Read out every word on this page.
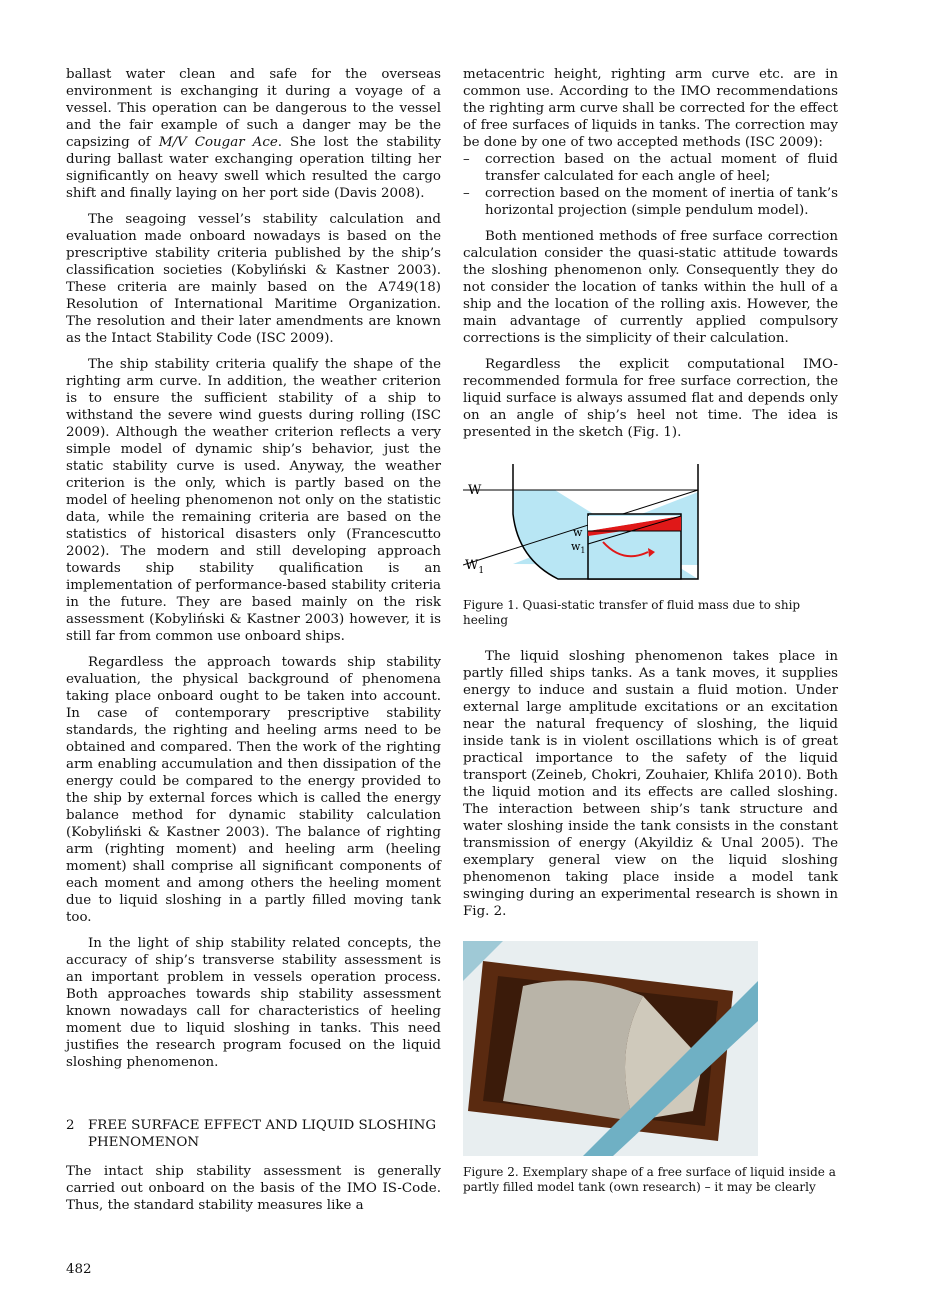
ballast water clean and safe for the overseas environment is exchanging it during a voyage of a vessel. This operation can be dangerous to the vessel and the fair example of such a danger may be the capsizing of M/V Cougar Ace. She lost the stability during ballast water exchanging operation tilting her significantly on heavy swell which resulted the cargo shift and finally laying on her port side (Davis 2008).

The seagoing vessel’s stability calculation and evaluation made onboard nowadays is based on the prescriptive stability criteria published by the ship’s classification societies (Kobyliński & Kastner 2003). These criteria are mainly based on the A749(18) Resolution of International Maritime Organization. The resolution and their later amendments are known as the Intact Stability Code (ISC 2009).

The ship stability criteria qualify the shape of the righting arm curve. In addition, the weather criterion is to ensure the sufficient stability of a ship to withstand the severe wind guests during rolling (ISC 2009). Although the weather criterion reflects a very simple model of dynamic ship’s behavior, just the static stability curve is used. Anyway, the weather criterion is the only, which is partly based on the model of heeling phenomenon not only on the statistic data, while the remaining criteria are based on the statistics of historical disasters only (Francescutto 2002). The modern and still developing approach towards ship stability qualification is an implementation of performance-based stability criteria in the future. They are based mainly on the risk assessment (Kobyliński & Kastner 2003) however, it is still far from common use onboard ships.

Regardless the approach towards ship stability evaluation, the physical background of phenomena taking place onboard ought to be taken into account. In case of contemporary prescriptive stability standards, the righting and heeling arms need to be obtained and compared. Then the work of the righting arm enabling accumulation and then dissipation of the energy could be compared to the energy provided to the ship by external forces which is called the energy balance method for dynamic stability calculation (Kobyliński & Kastner 2003). The balance of righting arm (righting moment) and heeling arm (heeling moment) shall comprise all significant components of each moment and among others the heeling moment due to liquid sloshing in a partly filled moving tank too.

In the light of ship stability related concepts, the accuracy of ship’s transverse stability assessment is an important problem in vessels operation process. Both approaches towards ship stability assessment known nowadays call for characteristics of heeling moment due to liquid sloshing in tanks. This need justifies the research program focused on the liquid sloshing phenomenon.

2	FREE SURFACE EFFECT AND LIQUID SLOSHING PHENOMENON

The intact ship stability assessment is generally carried out onboard on the basis of the IMO IS-Code. Thus, the standard stability measures like a

metacentric height, righting arm curve etc. are in common use. According to the IMO recommendations the righting arm curve shall be corrected for the effect of free surfaces of liquids in tanks. The correction may be done by one of two accepted methods (ISC 2009):

–	correction based on the actual moment of fluid transfer calculated for each angle of heel;
–	correction based on the moment of inertia of tank’s horizontal projection (simple pendulum model).

Both mentioned methods of free surface correction calculation consider the quasi-static attitude towards the sloshing phenomenon only. Consequently they do not consider the location of tanks within the hull of a ship and the location of the rolling axis. However, the main advantage of currently applied compulsory corrections is the simplicity of their calculation.

Regardless the explicit computational IMO-recommended formula for free surface correction, the liquid surface is always assumed flat and depends only on an angle of ship’s heel not time. The idea is presented in the sketch (Fig. 1).

W
$W_1$
w
$w_1$
Figure 1. Quasi-static transfer of fluid mass due to ship heeling

The liquid sloshing phenomenon takes place in partly filled ships tanks. As a tank moves, it supplies energy to induce and sustain a fluid motion. Under external large amplitude excitations or an excitation near the natural frequency of sloshing, the liquid inside tank is in violent oscillations which is of great practical importance to the safety of the liquid transport (Zeineb, Chokri, Zouhaier, Khlifa 2010). Both the liquid motion and its effects are called sloshing. The interaction between ship’s tank structure and water sloshing inside the tank consists in the constant transmission of energy (Akyildiz & Unal 2005). The exemplary general view on the liquid sloshing phenomenon taking place inside a model tank swinging during an experimental research is shown in Fig. 2.

Figure 2. Exemplary shape of a free surface of liquid inside a partly filled model tank (own research) – it may be clearly
482
